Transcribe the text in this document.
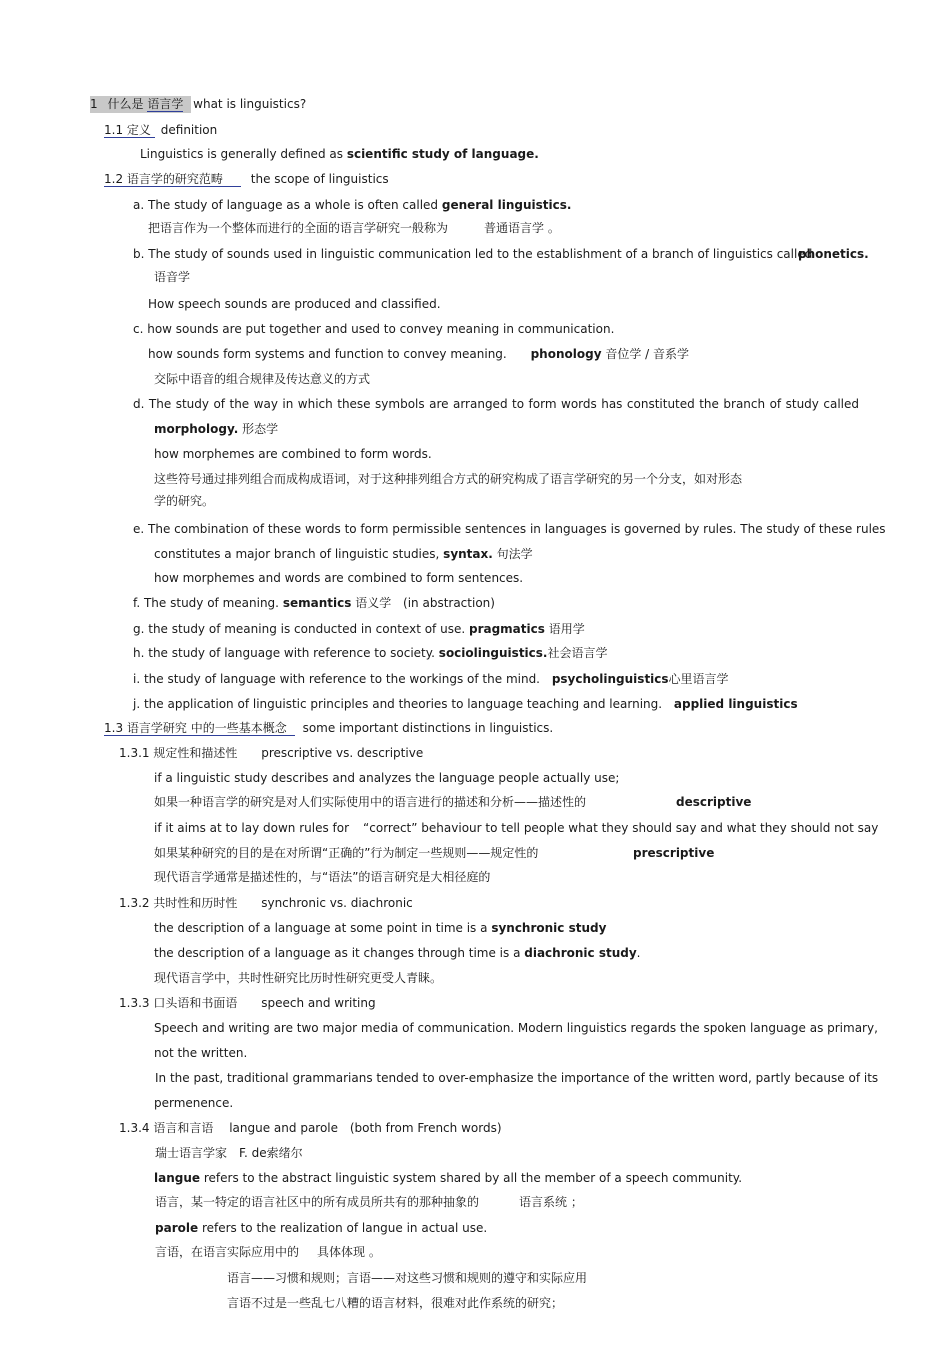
1 什么是 语言学 what is linguistics?
1.1 定义 definition
Linguistics is generally defined as scientific study of language.
1.2 语言学的研究范畴 the scope of linguistics
a. The study of language as a whole is often called general linguistics.
把语言作为一个整体而进行的全面的语言学研究一般称为	普通语言学 。
b. The study of sounds used in linguistic communication led to the establishment of a branch of linguistics called
phonetics.
语音学
How speech sounds are produced and classified.
c. how sounds are put together and used to convey meaning in communication.
how sounds form systems and function to convey meaning. phonology 音位学 / 音系学
交际中语音的组合规律及传达意义的方式
d. The study of the way in which these symbols are arranged to form words has constituted the branch of study called
morphology. 形态学
how morphemes are combined to form words.
这些符号通过排列组合而成构成语词，对于这种排列组合方式的研究构成了语言学研究的另一个分支，如对形态
学的研究。
e. The combination of these words to form permissible sentences in languages is governed by rules. The study of these rules
constitutes a major branch of linguistic studies, syntax. 句法学
how morphemes and words are combined to form sentences.
f. The study of meaning. semantics 语义学 (in abstraction)
g. the study of meaning is conducted in context of use. pragmatics 语用学
h. the study of language with reference to society. sociolinguistics.社会语言学
i. the study of language with reference to the workings of the mind. psycholinguistics心里语言学
j. the application of linguistic principles and theories to language teaching and learning. applied linguistics
1.3 语言学研究 中的一些基本概念 some important distinctions in linguistics.
1.3.1 规定性和描述性 prescriptive vs. descriptive
if a linguistic study describes and analyzes the language people actually use;
如果一种语言学的研究是对人们实际使用中的语言进行的描述和分析——描述性的	descriptive
if it aims at to lay down rules for “correct” behaviour to tell people what they should say and what they should not say
如果某种研究的目的是在对所谓“正确的”行为制定一些规则——规定性的	prescriptive
现代语言学通常是描述性的，与“语法”的语言研究是大相径庭的
1.3.2 共时性和历时性 synchronic vs. diachronic
the description of a language at some point in time is a synchronic study
the description of a language as it changes through time is a diachronic study.
现代语言学中，共时性研究比历时性研究更受人青睐。
1.3.3 口头语和书面语 speech and writing
Speech and writing are two major media of communication. Modern linguistics regards the spoken language as primary,
not the written.
In the past, traditional grammarians tended to over-emphasize the importance of the written word, partly because of its
permenence.
1.3.4 语言和言语 langue and parole (both from French words)
瑞士语言学家 F. de索绪尔
langue refers to the abstract linguistic system shared by all the member of a speech community.
语言，某一特定的语言社区中的所有成员所共有的那种抽象的	语言系统 ；
parole refers to the realization of langue in actual use.
言语，在语言实际应用中的 具体体现 。
语言——习惯和规则；言语——对这些习惯和规则的遵守和实际应用
言语不过是一些乱七八糟的语言材料，很难对此作系统的研究；
